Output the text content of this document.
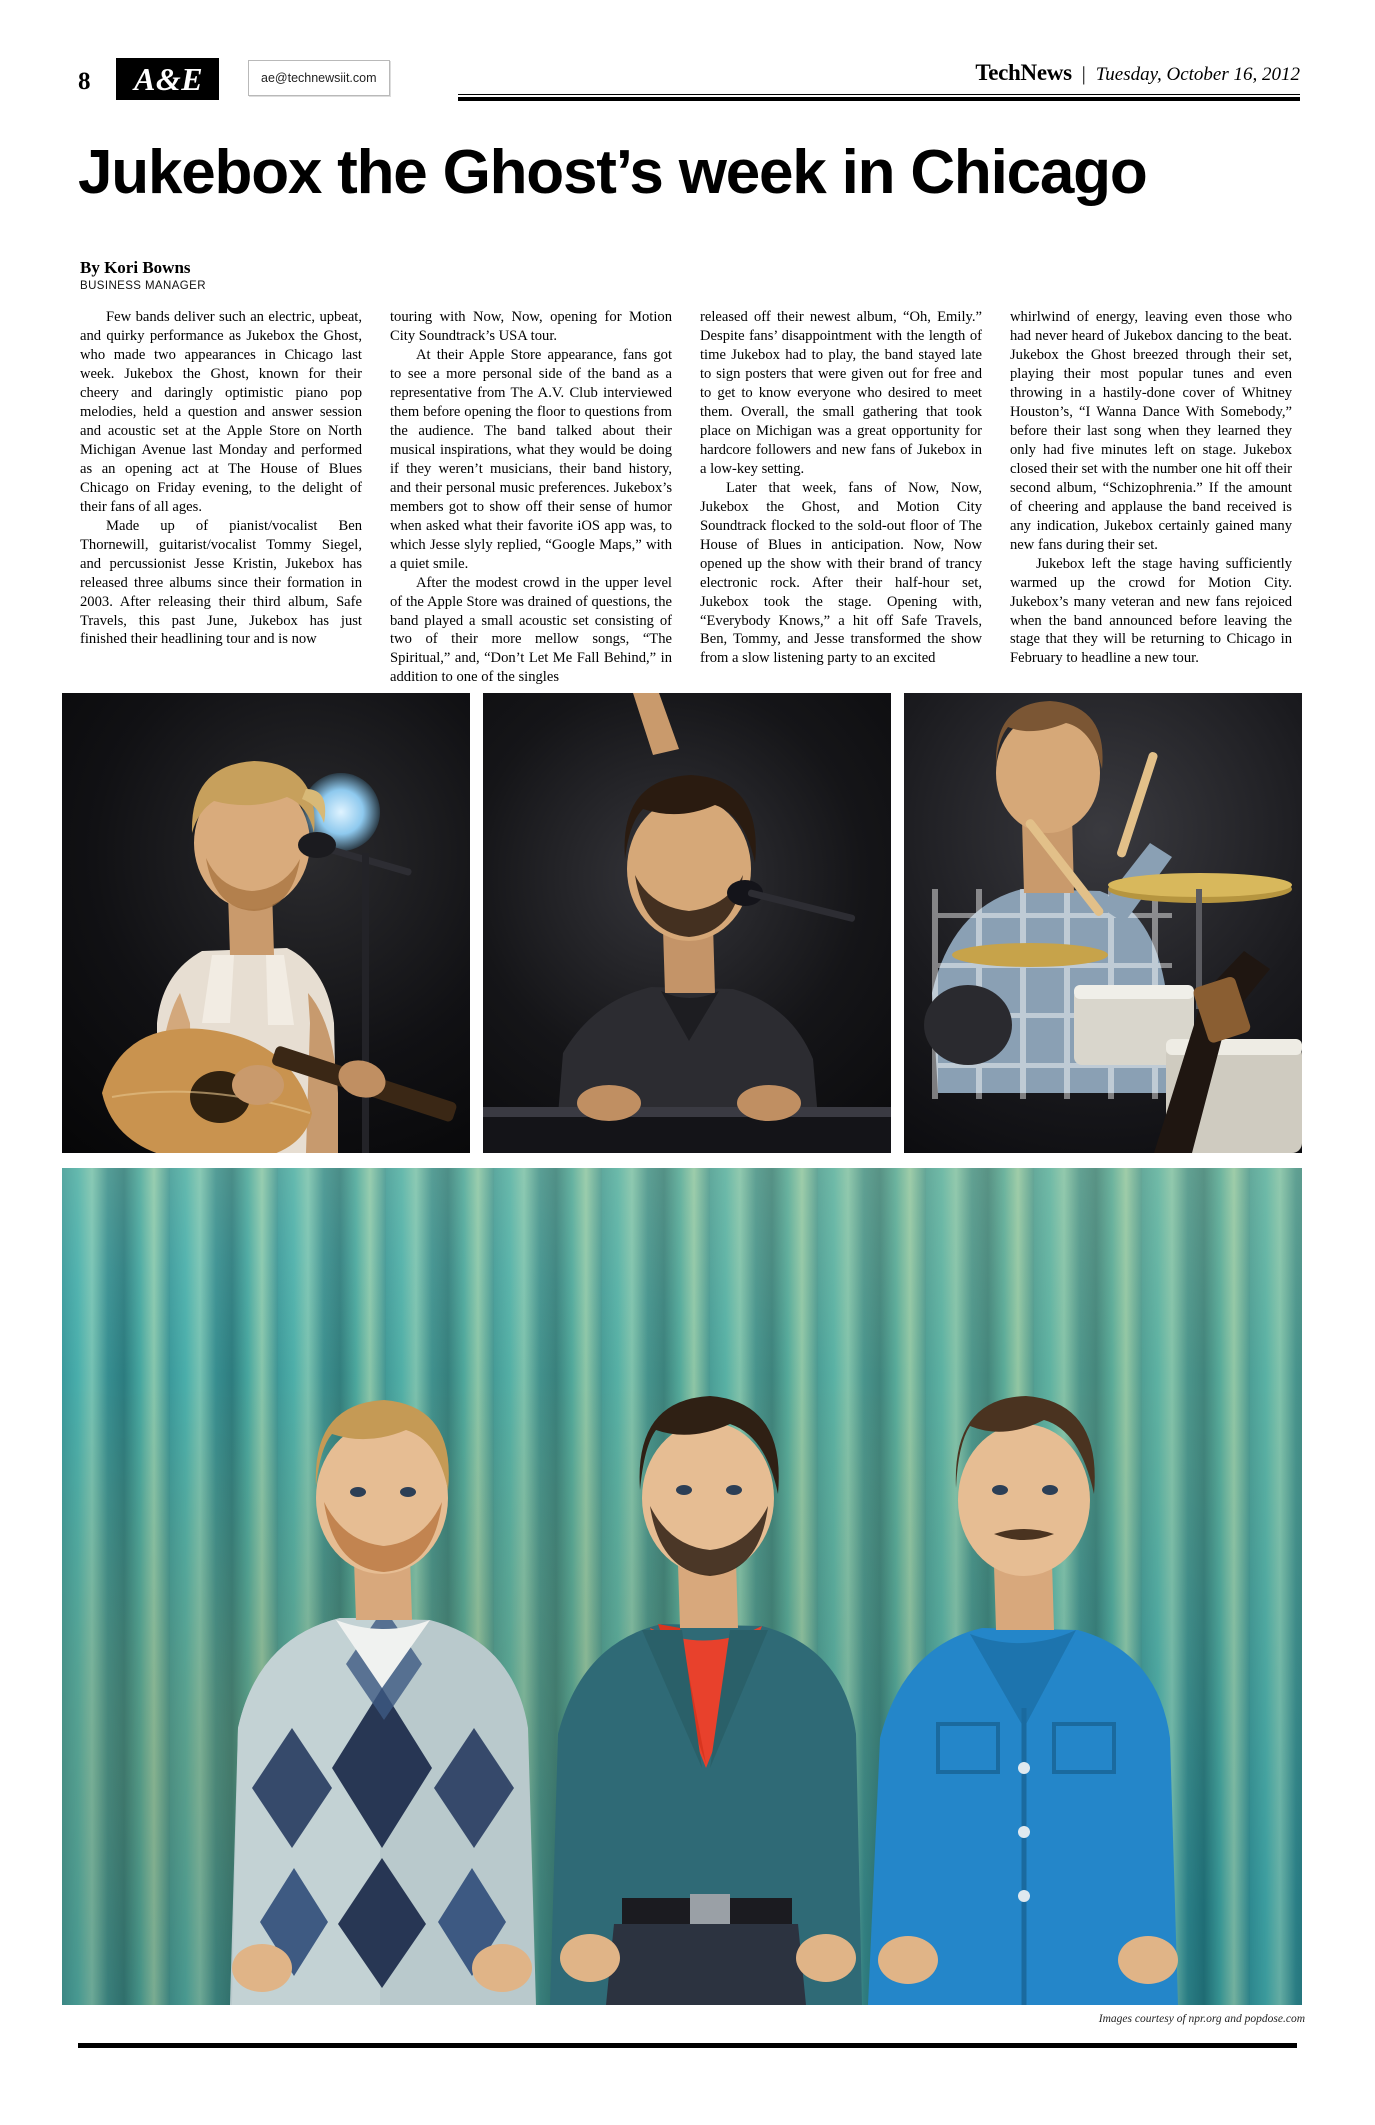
8 A&E	ae@technewsiit.com	TechNews | Tuesday, October 16, 2012
Jukebox the Ghost’s week in Chicago
By Kori Bowns
BUSINESS MANAGER

Few bands deliver such an electric, upbeat, and quirky performance as Jukebox the Ghost, who made two appearances in Chicago last week. Jukebox the Ghost, known for their cheery and daringly optimistic piano pop melodies, held a question and answer session and acoustic set at the Apple Store on North Michigan Avenue last Monday and performed as an opening act at The House of Blues Chicago on Friday evening, to the delight of their fans of all ages.

Made up of pianist/vocalist Ben Thornewill, guitarist/vocalist Tommy Siegel, and percussionist Jesse Kristin, Jukebox has released three albums since their formation in 2003. After releasing their third album, Safe Travels, this past June, Jukebox has just finished their headlining tour and is now

touring with Now, Now, opening for Motion City Soundtrack’s USA tour.

At their Apple Store appearance, fans got to see a more personal side of the band as a representative from The A.V. Club interviewed them before opening the floor to questions from the audience. The band talked about their musical inspirations, what they would be doing if they weren’t musicians, their band history, and their personal music preferences. Jukebox’s members got to show off their sense of humor when asked what their favorite iOS app was, to which Jesse slyly replied, “Google Maps,” with a quiet smile.

After the modest crowd in the upper level of the Apple Store was drained of questions, the band played a small acoustic set consisting of two of their more mellow songs, “The Spiritual,” and, “Don’t Let Me Fall Behind,” in addition to one of the singles

released off their newest album, “Oh, Emily.” Despite fans’ disappointment with the length of time Jukebox had to play, the band stayed late to sign posters that were given out for free and to get to know everyone who desired to meet them. Overall, the small gathering that took place on Michigan was a great opportunity for hardcore followers and new fans of Jukebox in a low-key setting.

Later that week, fans of Now, Now, Jukebox the Ghost, and Motion City Soundtrack flocked to the sold-out floor of The House of Blues in anticipation. Now, Now opened up the show with their brand of trancy electronic rock. After their half-hour set, Jukebox took the stage. Opening with, “Everybody Knows,” a hit off Safe Travels, Ben, Tommy, and Jesse transformed the show from a slow listening party to an excited

whirlwind of energy, leaving even those who had never heard of Jukebox dancing to the beat. Jukebox the Ghost breezed through their set, playing their most popular tunes and even throwing in a hastily-done cover of Whitney Houston’s, “I Wanna Dance With Somebody,” before their last song when they learned they only had five minutes left on stage. Jukebox closed their set with the number one hit off their second album, “Schizophrenia.” If the amount of cheering and applause the band received is any indication, Jukebox certainly gained many new fans during their set.

Jukebox left the stage having sufficiently warmed up the crowd for Motion City. Jukebox’s many veteran and new fans rejoiced when the band announced before leaving the stage that they will be returning to Chicago in February to headline a new tour.

Images courtesy of npr.org and popdose.com
